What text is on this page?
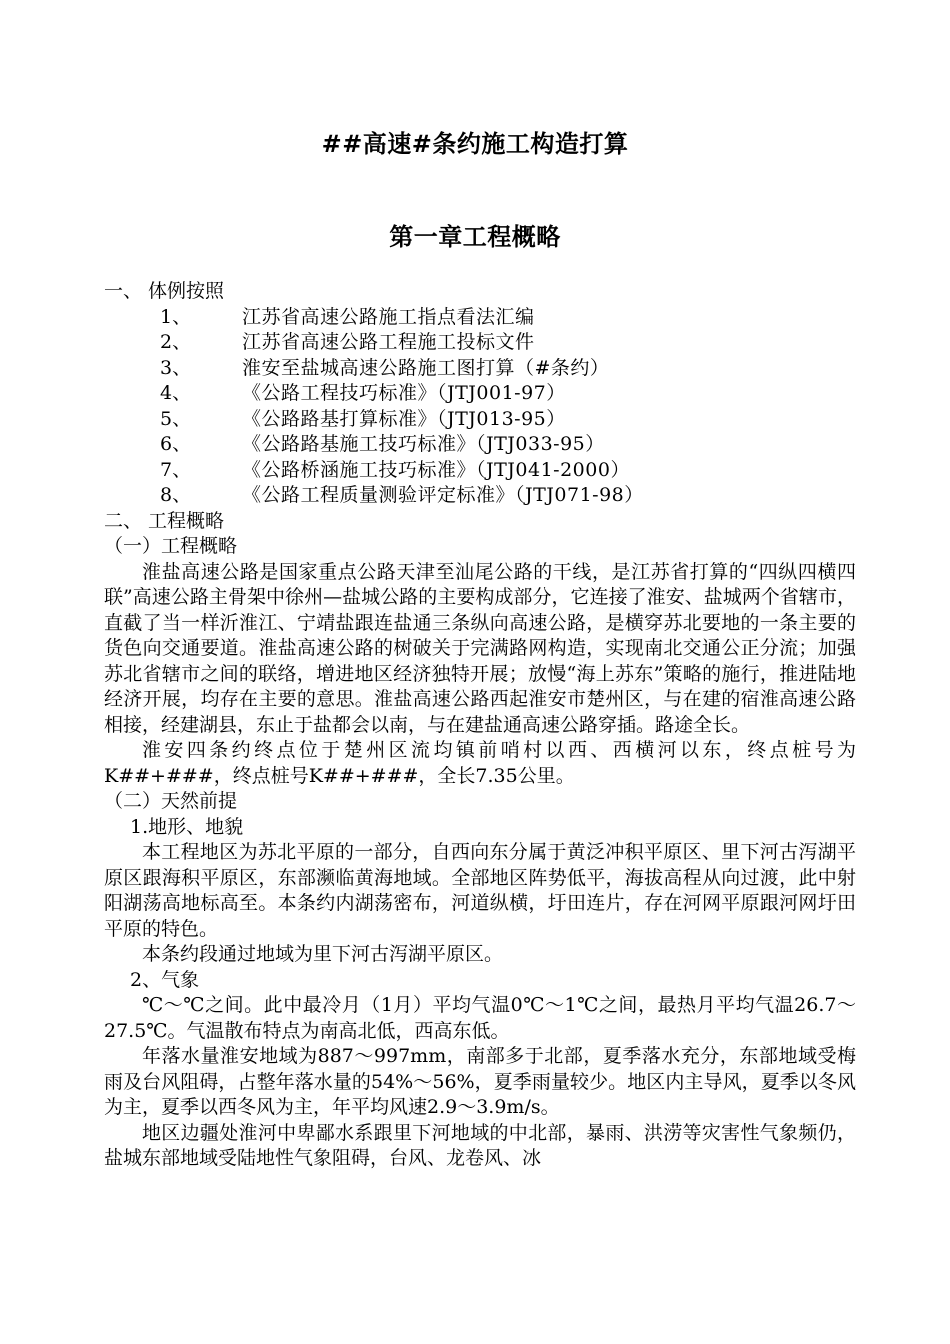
##高速#条约施工构造打算
第一章工程概略
一、 体例按照
1、	江苏省高速公路施工指点看法汇编
2、	江苏省高速公路工程施工投标文件
3、	淮安至盐城高速公路施工图打算（#条约）
4、	《公路工程技巧标准》（JTJ001-97）
5、	《公路路基打算标准》（JTJ013-95）
6、	《公路路基施工技巧标准》（JTJ033-95）
7、	《公路桥涵施工技巧标准》（JTJ041-2000）
8、	《公路工程质量测验评定标准》（JTJ071-98）
二、 工程概略
（一）工程概略

淮盐高速公路是国家重点公路天津至汕尾公路的干线，是江苏省打算的“四纵四横四联”高速公路主骨架中徐州—盐城公路的主要构成部分，它连接了淮安、盐城两个省辖市，直截了当一样沂淮江、宁靖盐跟连盐通三条纵向高速公路，是横穿苏北要地的一条主要的货色向交通要道。淮盐高速公路的树破关于完满路网构造，实现南北交通公正分流；加强苏北省辖市之间的联络，增进地区经济独特开展；放慢“海上苏东”策略的施行，推进陆地经济开展，均存在主要的意思。淮盐高速公路西起淮安市楚州区，与在建的宿淮高速公路相接，经建湖县，东止于盐都会以南，与在建盐通高速公路穿插。路途全长。

淮安四条约终点位于楚州区流均镇前哨村以西、西横河以东，终点桩号为K##+###，终点桩号K##+###，全长7.35公里。

（二）天然前提
1.地形、地貌

本工程地区为苏北平原的一部分，自西向东分属于黄泛冲积平原区、里下河古泻湖平原区跟海积平原区，东部濒临黄海地域。全部地区阵势低平，海拔高程从向过渡，此中射阳湖荡高地标高至。本条约内湖荡密布，河道纵横，圩田连片，存在河网平原跟河网圩田平原的特色。

本条约段通过地域为里下河古泻湖平原区。

2、气象

℃～℃之间。此中最冷月（1月）平均气温0℃～1℃之间，最热月平均气温26.7～27.5℃。气温散布特点为南高北低，西高东低。

年落水量淮安地域为887～997mm，南部多于北部，夏季落水充分，东部地域受梅雨及台风阻碍，占整年落水量的54%～56%，夏季雨量较少。地区内主导风，夏季以冬风为主，夏季以西冬风为主，年平均风速2.9～3.9m/s。

地区边疆处淮河中卑鄙水系跟里下河地域的中北部，暴雨、洪涝等灾害性气象频仍，盐城东部地域受陆地性气象阻碍，台风、龙卷风、冰
